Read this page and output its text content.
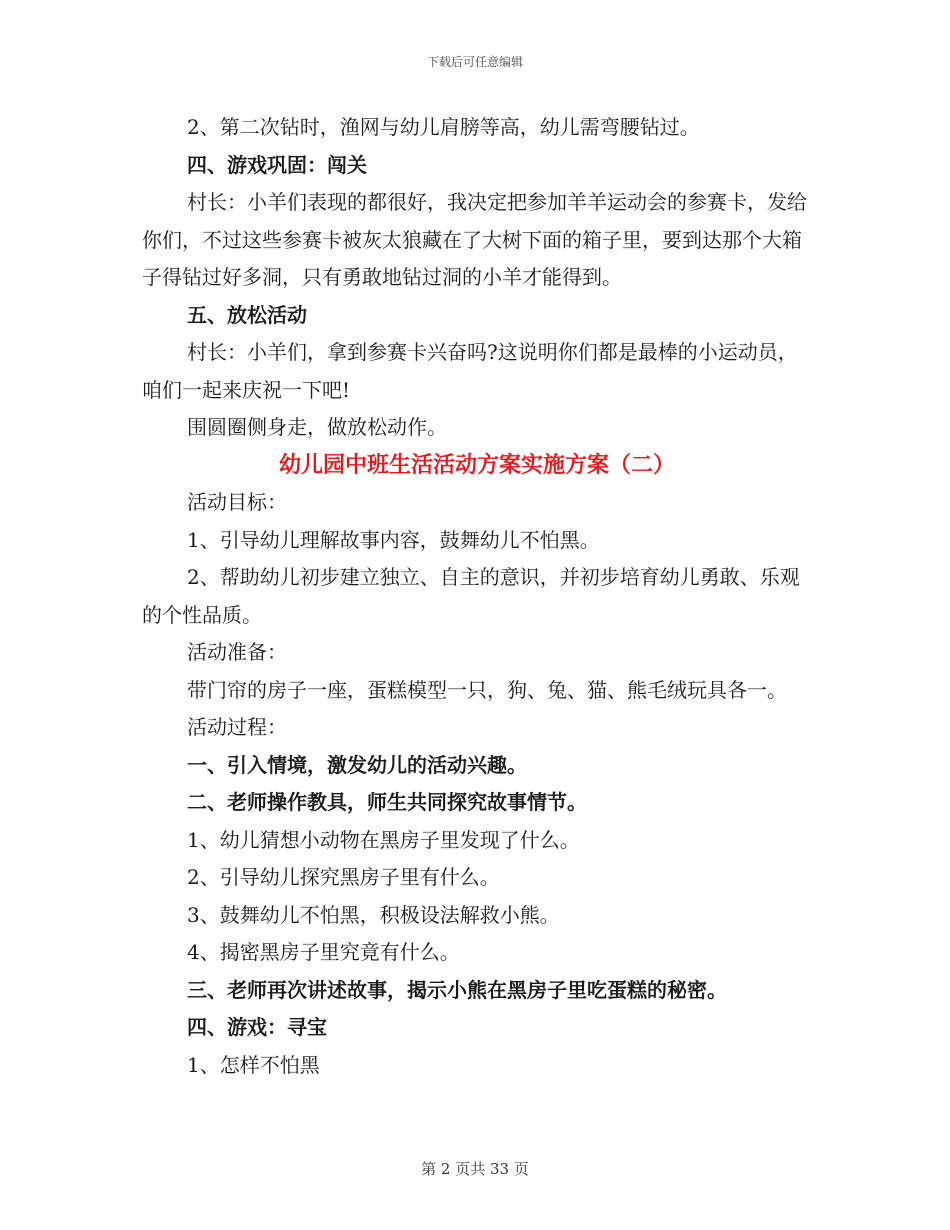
下载后可任意编辑

2、第二次钻时，渔网与幼儿肩膀等高，幼儿需弯腰钻过。

四、游戏巩固：闯关

村长：小羊们表现的都很好，我决定把参加羊羊运动会的参赛卡，发给你们，不过这些参赛卡被灰太狼藏在了大树下面的箱子里，要到达那个大箱子得钻过好多洞，只有勇敢地钻过洞的小羊才能得到。

五、放松活动

村长：小羊们，拿到参赛卡兴奋吗?这说明你们都是最棒的小运动员，咱们一起来庆祝一下吧!

围圆圈侧身走，做放松动作。

幼儿园中班生活活动方案实施方案（二）

活动目标：

1、引导幼儿理解故事内容，鼓舞幼儿不怕黑。

2、帮助幼儿初步建立独立、自主的意识，并初步培育幼儿勇敢、乐观的个性品质。

活动准备：

带门帘的房子一座，蛋糕模型一只，狗、兔、猫、熊毛绒玩具各一。

活动过程：

一、引入情境，激发幼儿的活动兴趣。

二、老师操作教具，师生共同探究故事情节。

1、幼儿猜想小动物在黑房子里发现了什么。

2、引导幼儿探究黑房子里有什么。

3、鼓舞幼儿不怕黑，积极设法解救小熊。

4、揭密黑房子里究竟有什么。

三、老师再次讲述故事，揭示小熊在黑房子里吃蛋糕的秘密。

四、游戏：寻宝

1、怎样不怕黑

第 2 页共 33 页
